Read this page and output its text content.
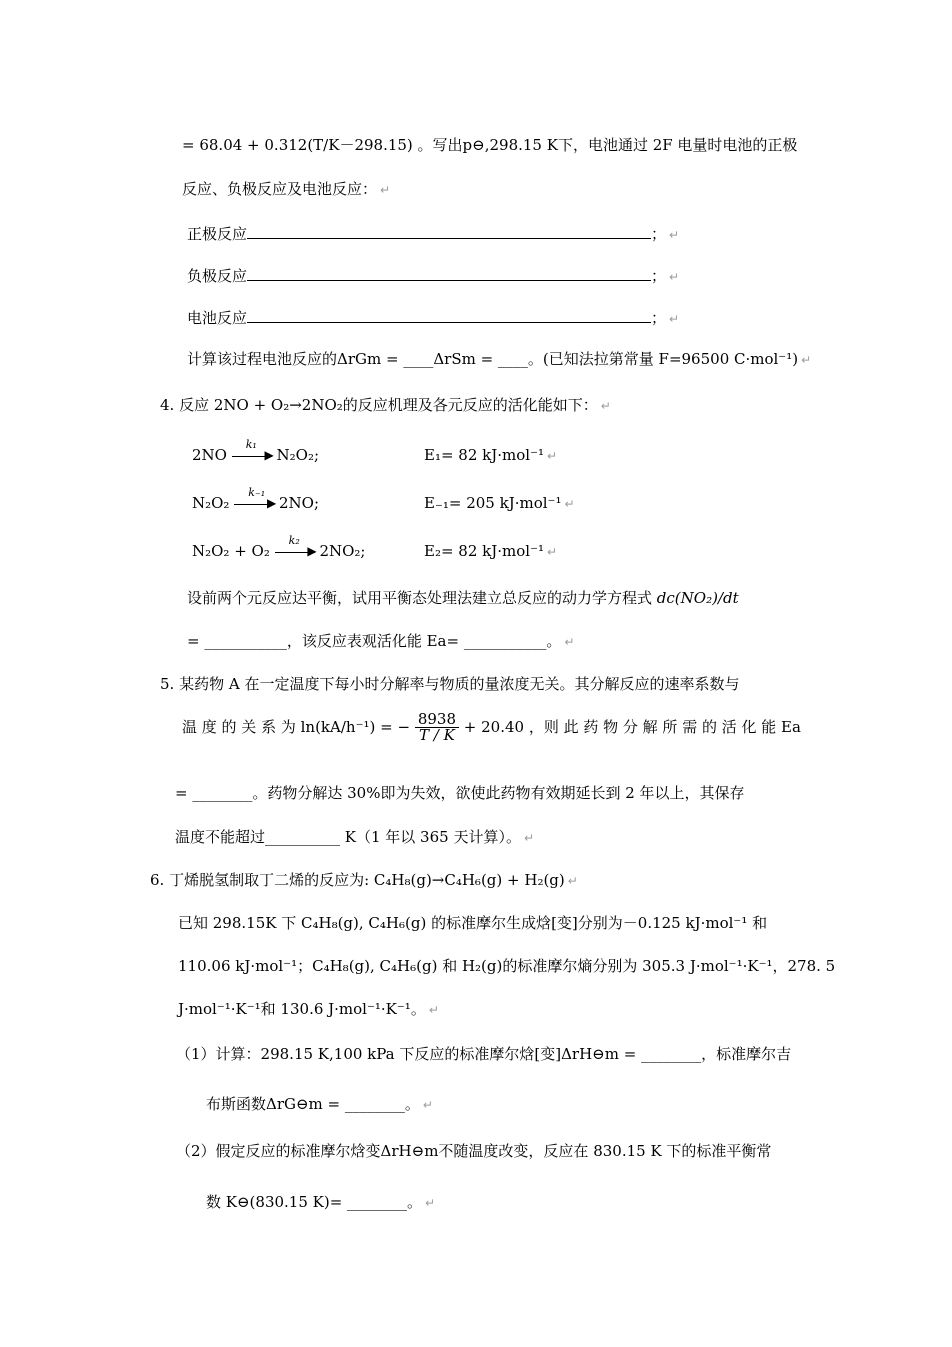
= 68.04 + 0.312(T/K－298.15) 。写出p⊖,298.15 K下，电池通过 2F 电量时电池的正极
反应、负极反应及电池反应： ↵
正极反应	； ↵
负极反应	； ↵
电池反应	； ↵
计算该过程电池反应的ΔrGm = ____ΔrSm = ____。(已知法拉第常量 F=96500 C·mol⁻¹) ↵
4. 反应 2NO + O₂→2NO₂的反应机理及各元反应的活化能如下： ↵
2NO
k₁
▶ N₂O₂;	E₁= 82 kJ·mol⁻¹ ↵
N₂O₂
k₋₁
▶ 2NO;	E₋₁= 205 kJ·mol⁻¹ ↵
N₂O₂ + O₂
k₂
▶ 2NO₂;	E₂= 82 kJ·mol⁻¹ ↵
设前两个元反应达平衡，试用平衡态处理法建立总反应的动力学方程式 dc(NO₂)/dt
= ___________，该反应表观活化能 Ea= ___________。 ↵
5. 某药物 A 在一定温度下每小时分解率与物质的量浓度无关。其分解反应的速率系数与
温 度 的 关 系 为 ln(kA/h⁻¹) = − $\frac{8938}{T / K} + 20.40$ ，则 此 药 物 分 解 所 需 的 活 化 能 Ea
= ________。药物分解达 30%即为失效，欲使此药物有效期延长到 2 年以上，其保存
温度不能超过__________ K（1 年以 365 天计算）。 ↵
6. 丁烯脱氢制取丁二烯的反应为: C₄H₈(g)→C₄H₆(g) + H₂(g) ↵
已知 298.15K 下 C₄H₈(g), C₄H₆(g) 的标准摩尔生成焓[变]分别为－0.125 kJ·mol⁻¹ 和
110.06 kJ·mol⁻¹；C₄H₈(g), C₄H₆(g) 和 H₂(g)的标准摩尔熵分别为 305.3 J·mol⁻¹·K⁻¹，278. 5
J·mol⁻¹·K⁻¹和 130.6 J·mol⁻¹·K⁻¹。 ↵
（1）计算：298.15 K,100 kPa 下反应的标准摩尔焓[变]ΔrH⊖m = ________，标准摩尔吉
布斯函数ΔrG⊖m = ________。 ↵
（2）假定反应的标准摩尔焓变ΔrH⊖m不随温度改变，反应在 830.15 K 下的标准平衡常
数 K⊖(830.15 K)= ________。 ↵
